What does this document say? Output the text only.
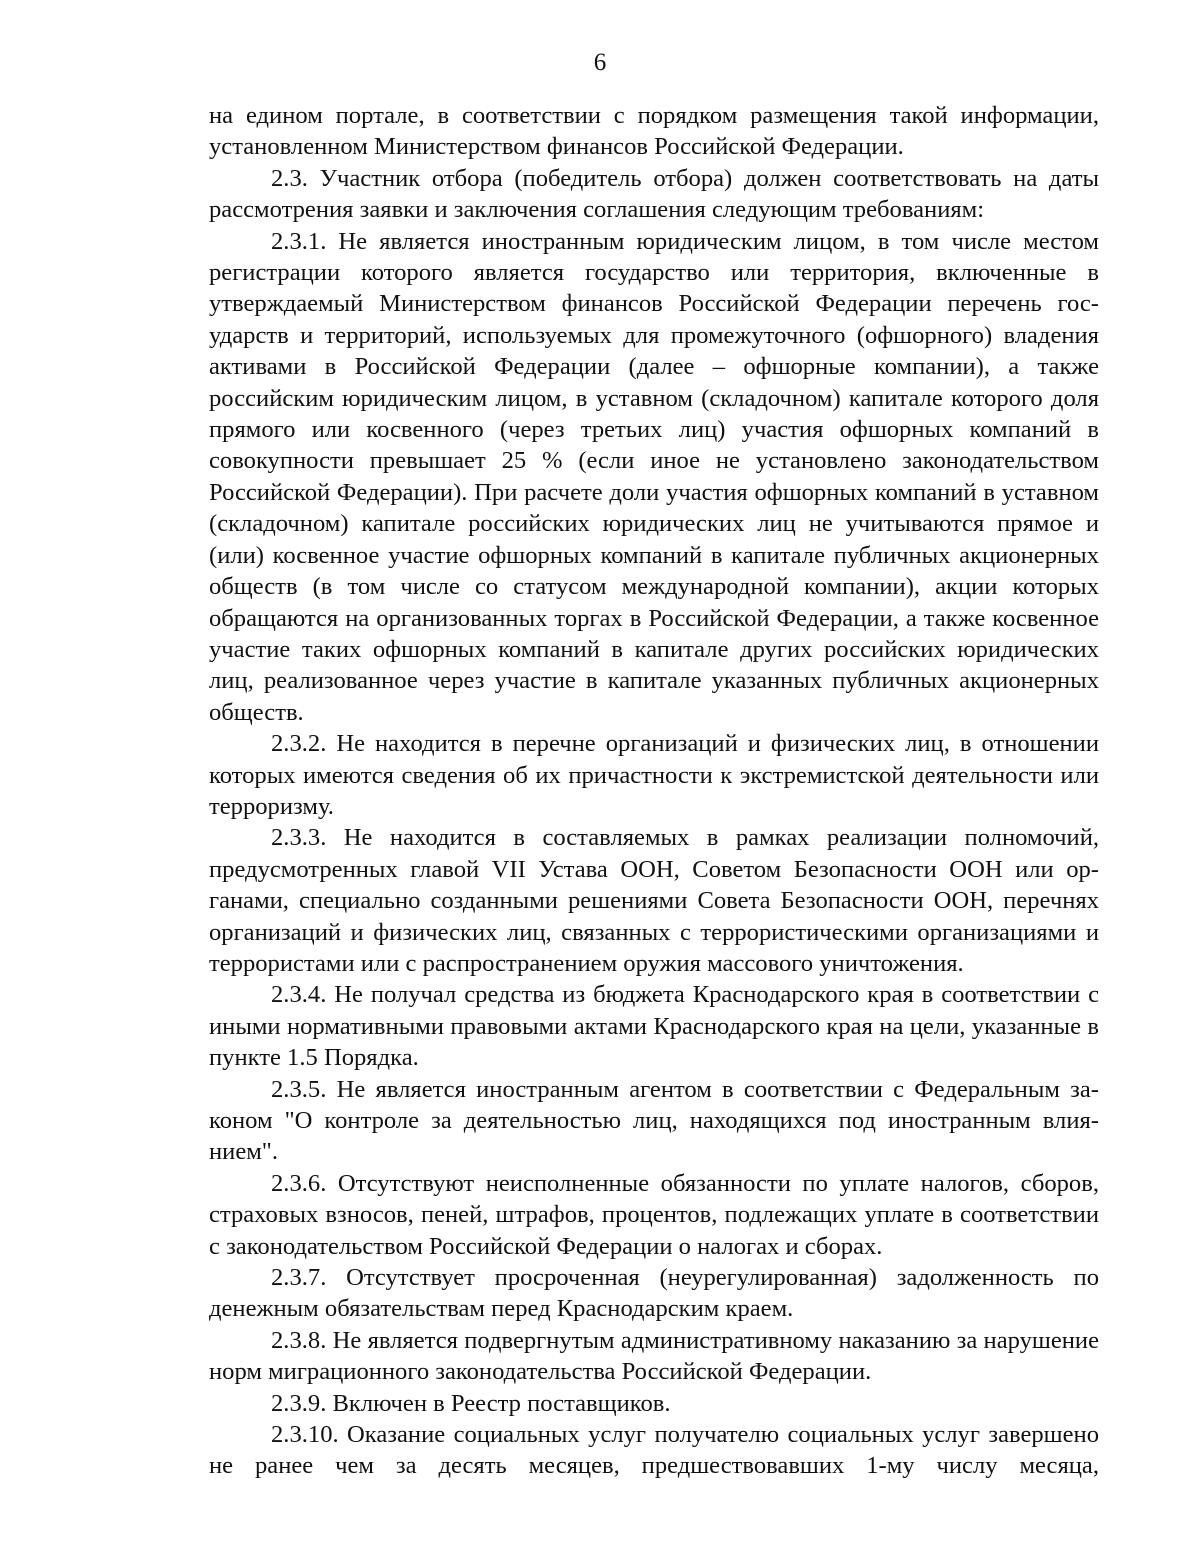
6

на едином портале, в соответствии с порядком размещения такой информации, установленном Министерством финансов Российской Федерации.

2.3. Участник отбора (победитель отбора) должен соответствовать на даты рассмотрения заявки и заключения соглашения следующим требованиям:

2.3.1. Не является иностранным юридическим лицом, в том числе местом регистрации которого является государство или территория, включенные в утверждаемый Министерством финансов Российской Федерации перечень государств и территорий, используемых для промежуточного (офшорного) владения активами в Российской Федерации (далее – офшорные компании), а также российским юридическим лицом, в уставном (складочном) капитале которого доля прямого или косвенного (через третьих лиц) участия офшорных компаний в совокупности превышает 25 % (если иное не установлено законодательством Российской Федерации). При расчете доли участия офшорных компаний в уставном (складочном) капитале российских юридических лиц не учитываются прямое и (или) косвенное участие офшорных компаний в капитале публичных акционерных обществ (в том числе со статусом международной компании), акции которых обращаются на организованных торгах в Российской Федерации, а также косвенное участие таких офшорных компаний в капитале других российских юридических лиц, реализованное через участие в капитале указанных публичных акционерных обществ.

2.3.2. Не находится в перечне организаций и физических лиц, в отношении которых имеются сведения об их причастности к экстремистской деятельности или терроризму.

2.3.3. Не находится в составляемых в рамках реализации полномочий, предусмотренных главой VII Устава ООН, Советом Безопасности ООН или органами, специально созданными решениями Совета Безопасности ООН, перечнях организаций и физических лиц, связанных с террористическими организациями и террористами или с распространением оружия массового уничтожения.

2.3.4. Не получал средства из бюджета Краснодарского края в соответствии с иными нормативными правовыми актами Краснодарского края на цели, указанные в пункте 1.5 Порядка.

2.3.5. Не является иностранным агентом в соответствии с Федеральным законом "О контроле за деятельностью лиц, находящихся под иностранным влиянием".

2.3.6. Отсутствуют неисполненные обязанности по уплате налогов, сборов, страховых взносов, пеней, штрафов, процентов, подлежащих уплате в соответствии с законодательством Российской Федерации о налогах и сборах.

2.3.7. Отсутствует просроченная (неурегулированная) задолженность по денежным обязательствам перед Краснодарским краем.

2.3.8. Не является подвергнутым административному наказанию за нарушение норм миграционного законодательства Российской Федерации.

2.3.9. Включен в Реестр поставщиков.

2.3.10. Оказание социальных услуг получателю социальных услуг завершено не ранее чем за десять месяцев, предшествовавших 1-му числу месяца,
